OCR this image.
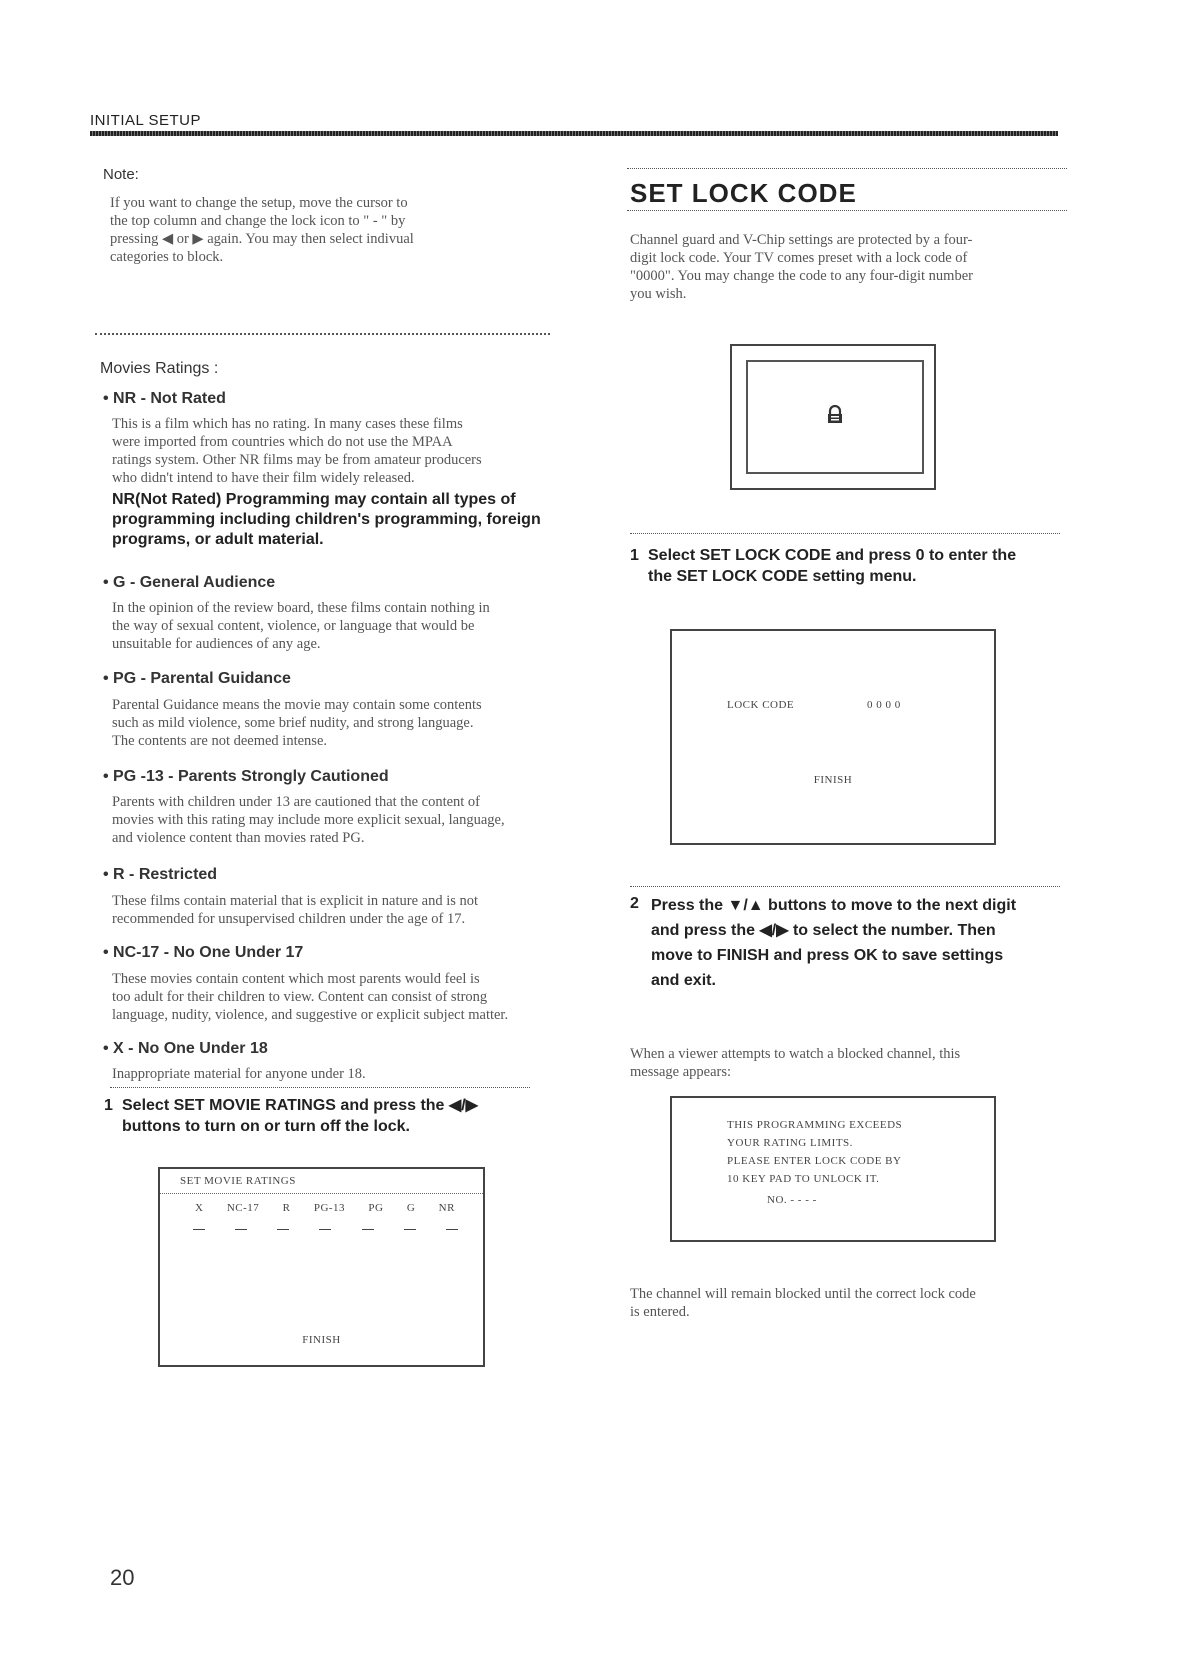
INITIAL SETUP
Note:
If you want to change the setup, move the cursor to
the top column and change the lock icon to " - " by
pressing ◀ or ▶ again. You may then select indivual
categories to block.
Movies Ratings :
• NR - Not Rated
This is a film which has no rating. In many cases these films
were imported from countries which do not use the MPAA
ratings system. Other NR films may be from amateur producers
who didn't intend to have their film widely released.
NR(Not Rated) Programming may contain all types of
programming including children's programming, foreign
programs, or adult material.
• G - General Audience
In the opinion of the review board, these films contain nothing in
the way of sexual content, violence, or language that would be
unsuitable for audiences of any age.
• PG - Parental Guidance
Parental Guidance means the movie may contain some contents
such as mild violence, some brief nudity, and strong language.
The contents are not deemed intense.
• PG -13 - Parents Strongly Cautioned
Parents with children under 13 are cautioned that the content of
movies with this rating may include more explicit sexual, language,
and violence content than movies rated PG.
• R - Restricted
These films contain material that is explicit in nature and is not
recommended for unsupervised children under the age of 17.
• NC-17 - No One Under 17
These movies contain content which most parents would feel is
too adult for their children to view. Content can consist of strong
language, nudity, violence, and suggestive or explicit subject matter.
• X - No One Under 18
Inappropriate material for anyone under 18.
1 Select SET MOVIE RATINGS and press the ◀/▶
buttons to turn on or turn off the lock.
SET MOVIE RATINGS
X NC-17 R PG-13 PG G NR
FINISH
SET LOCK CODE
Channel guard and V-Chip settings are protected by a four-
digit lock code. Your TV comes preset with a lock code of
"0000". You may change the code to any four-digit number
you wish.
1 Select SET LOCK CODE and press 0 to enter the
the SET LOCK CODE setting menu.
LOCK CODE	0 0 0 0
FINISH
2 Press the ▼/▲ buttons to move to the next digit
and press the ◀/▶ to select the number. Then
move to FINISH and press OK to save settings
and exit.
When a viewer attempts to watch a blocked channel, this
message appears:
THIS PROGRAMMING EXCEEDS
YOUR RATING LIMITS.
PLEASE ENTER LOCK CODE BY
10 KEY PAD TO UNLOCK IT.
NO. - - - -
The channel will remain blocked until the correct lock code
is entered.
20
